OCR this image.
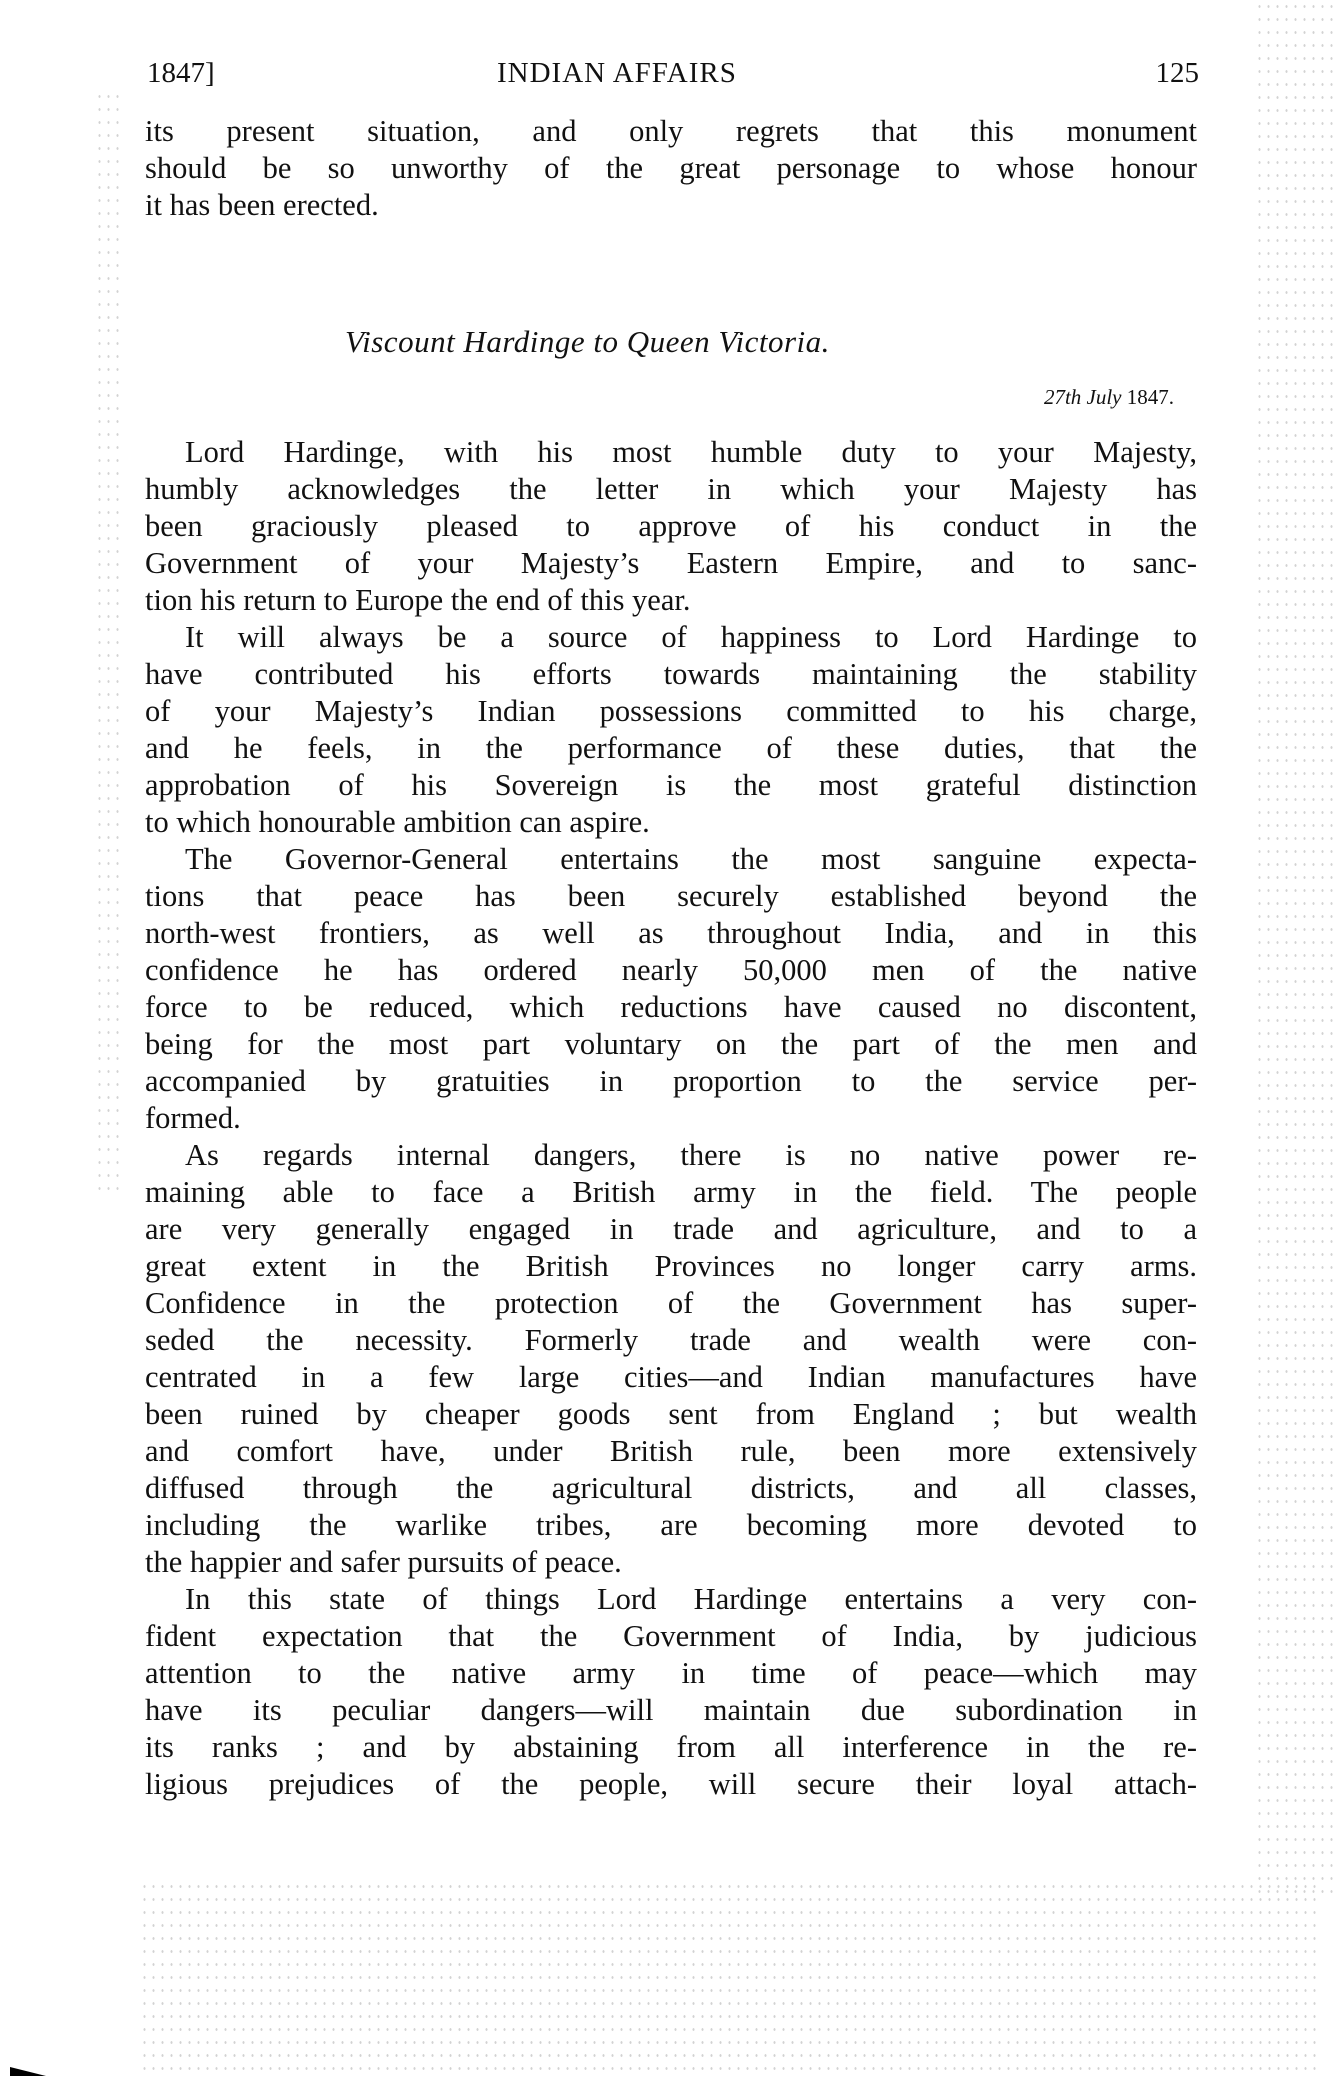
1847]	INDIAN AFFAIRS	125
its present situation, and only regrets that this monument
should be so unworthy of the great personage to whose honour
it has been erected.
Viscount Hardinge to Queen Victoria.
27th July 1847.
Lord Hardinge, with his most humble duty to your Majesty,
humbly acknowledges the letter in which your Majesty has
been graciously pleased to approve of his conduct in the
Government of your Majesty’s Eastern Empire, and to sanc-
tion his return to Europe the end of this year.
It will always be a source of happiness to Lord Hardinge to
have contributed his efforts towards maintaining the stability
of your Majesty’s Indian possessions committed to his charge,
and he feels, in the performance of these duties, that the
approbation of his Sovereign is the most grateful distinction
to which honourable ambition can aspire.
The Governor-General entertains the most sanguine expecta-
tions that peace has been securely established beyond the
north-west frontiers, as well as throughout India, and in this
confidence he has ordered nearly 50,000 men of the native
force to be reduced, which reductions have caused no discontent,
being for the most part voluntary on the part of the men and
accompanied by gratuities in proportion to the service per-
formed.
As regards internal dangers, there is no native power re-
maining able to face a British army in the field. The people
are very generally engaged in trade and agriculture, and to a
great extent in the British Provinces no longer carry arms.
Confidence in the protection of the Government has super-
seded the necessity. Formerly trade and wealth were con-
centrated in a few large cities—and Indian manufactures have
been ruined by cheaper goods sent from England ; but wealth
and comfort have, under British rule, been more extensively
diffused through the agricultural districts, and all classes,
including the warlike tribes, are becoming more devoted to
the happier and safer pursuits of peace.
In this state of things Lord Hardinge entertains a very con-
fident expectation that the Government of India, by judicious
attention to the native army in time of peace—which may
have its peculiar dangers—will maintain due subordination in
its ranks ; and by abstaining from all interference in the re-
ligious prejudices of the people, will secure their loyal attach-
